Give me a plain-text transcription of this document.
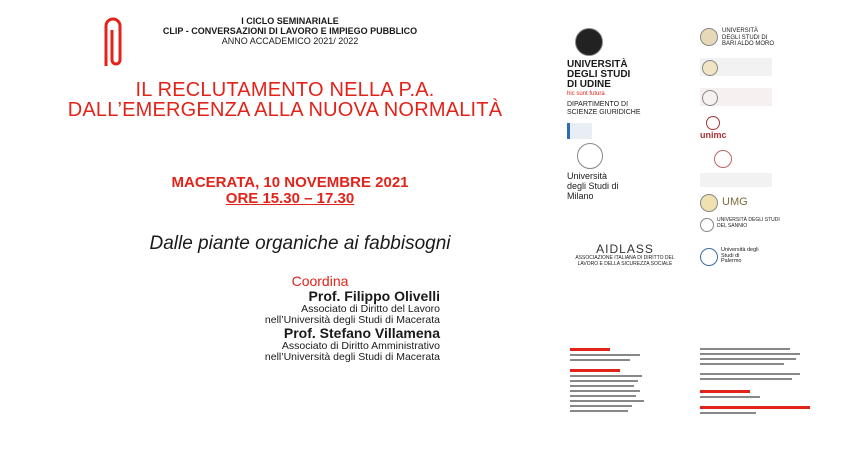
I CICLO SEMINARIALE
CLIP - CONVERSAZIONI DI LAVORO E IMPIEGO PUBBLICO
ANNO ACCADEMICO 2021/ 2022
IL RECLUTAMENTO NELLA P.A.
DALL’EMERGENZA ALLA NUOVA NORMALITÀ
MACERATA, 10 NOVEMBRE 2021
ORE 15.30 – 17.30
Dalle piante organiche ai fabbisogni
Coordina
Prof. Filippo Olivelli
Associato di Diritto del Lavoro
nell’Università degli Studi di Macerata
Prof. Stefano Villamena
Associato di Diritto Amministrativo
nell’Università degli Studi di Macerata
UNIVERSITÀ DEGLI STUDI DI UDINE
hic sunt futura
DIPARTIMENTO DI SCIENZE GIURIDICHE
Università degli Studi di Milano
AIDLASS
ASSOCIAZIONE ITALIANA DI DIRITTO DEL LAVORO E DELLA SICUREZZA SOCIALE
UNIVERSITÀ DEGLI STUDI DI BARI ALDO MORO
unimc
UMG
UNIVERSITÀ DEGLI STUDI DEL SANNIO
Università degli Studi di Palermo
